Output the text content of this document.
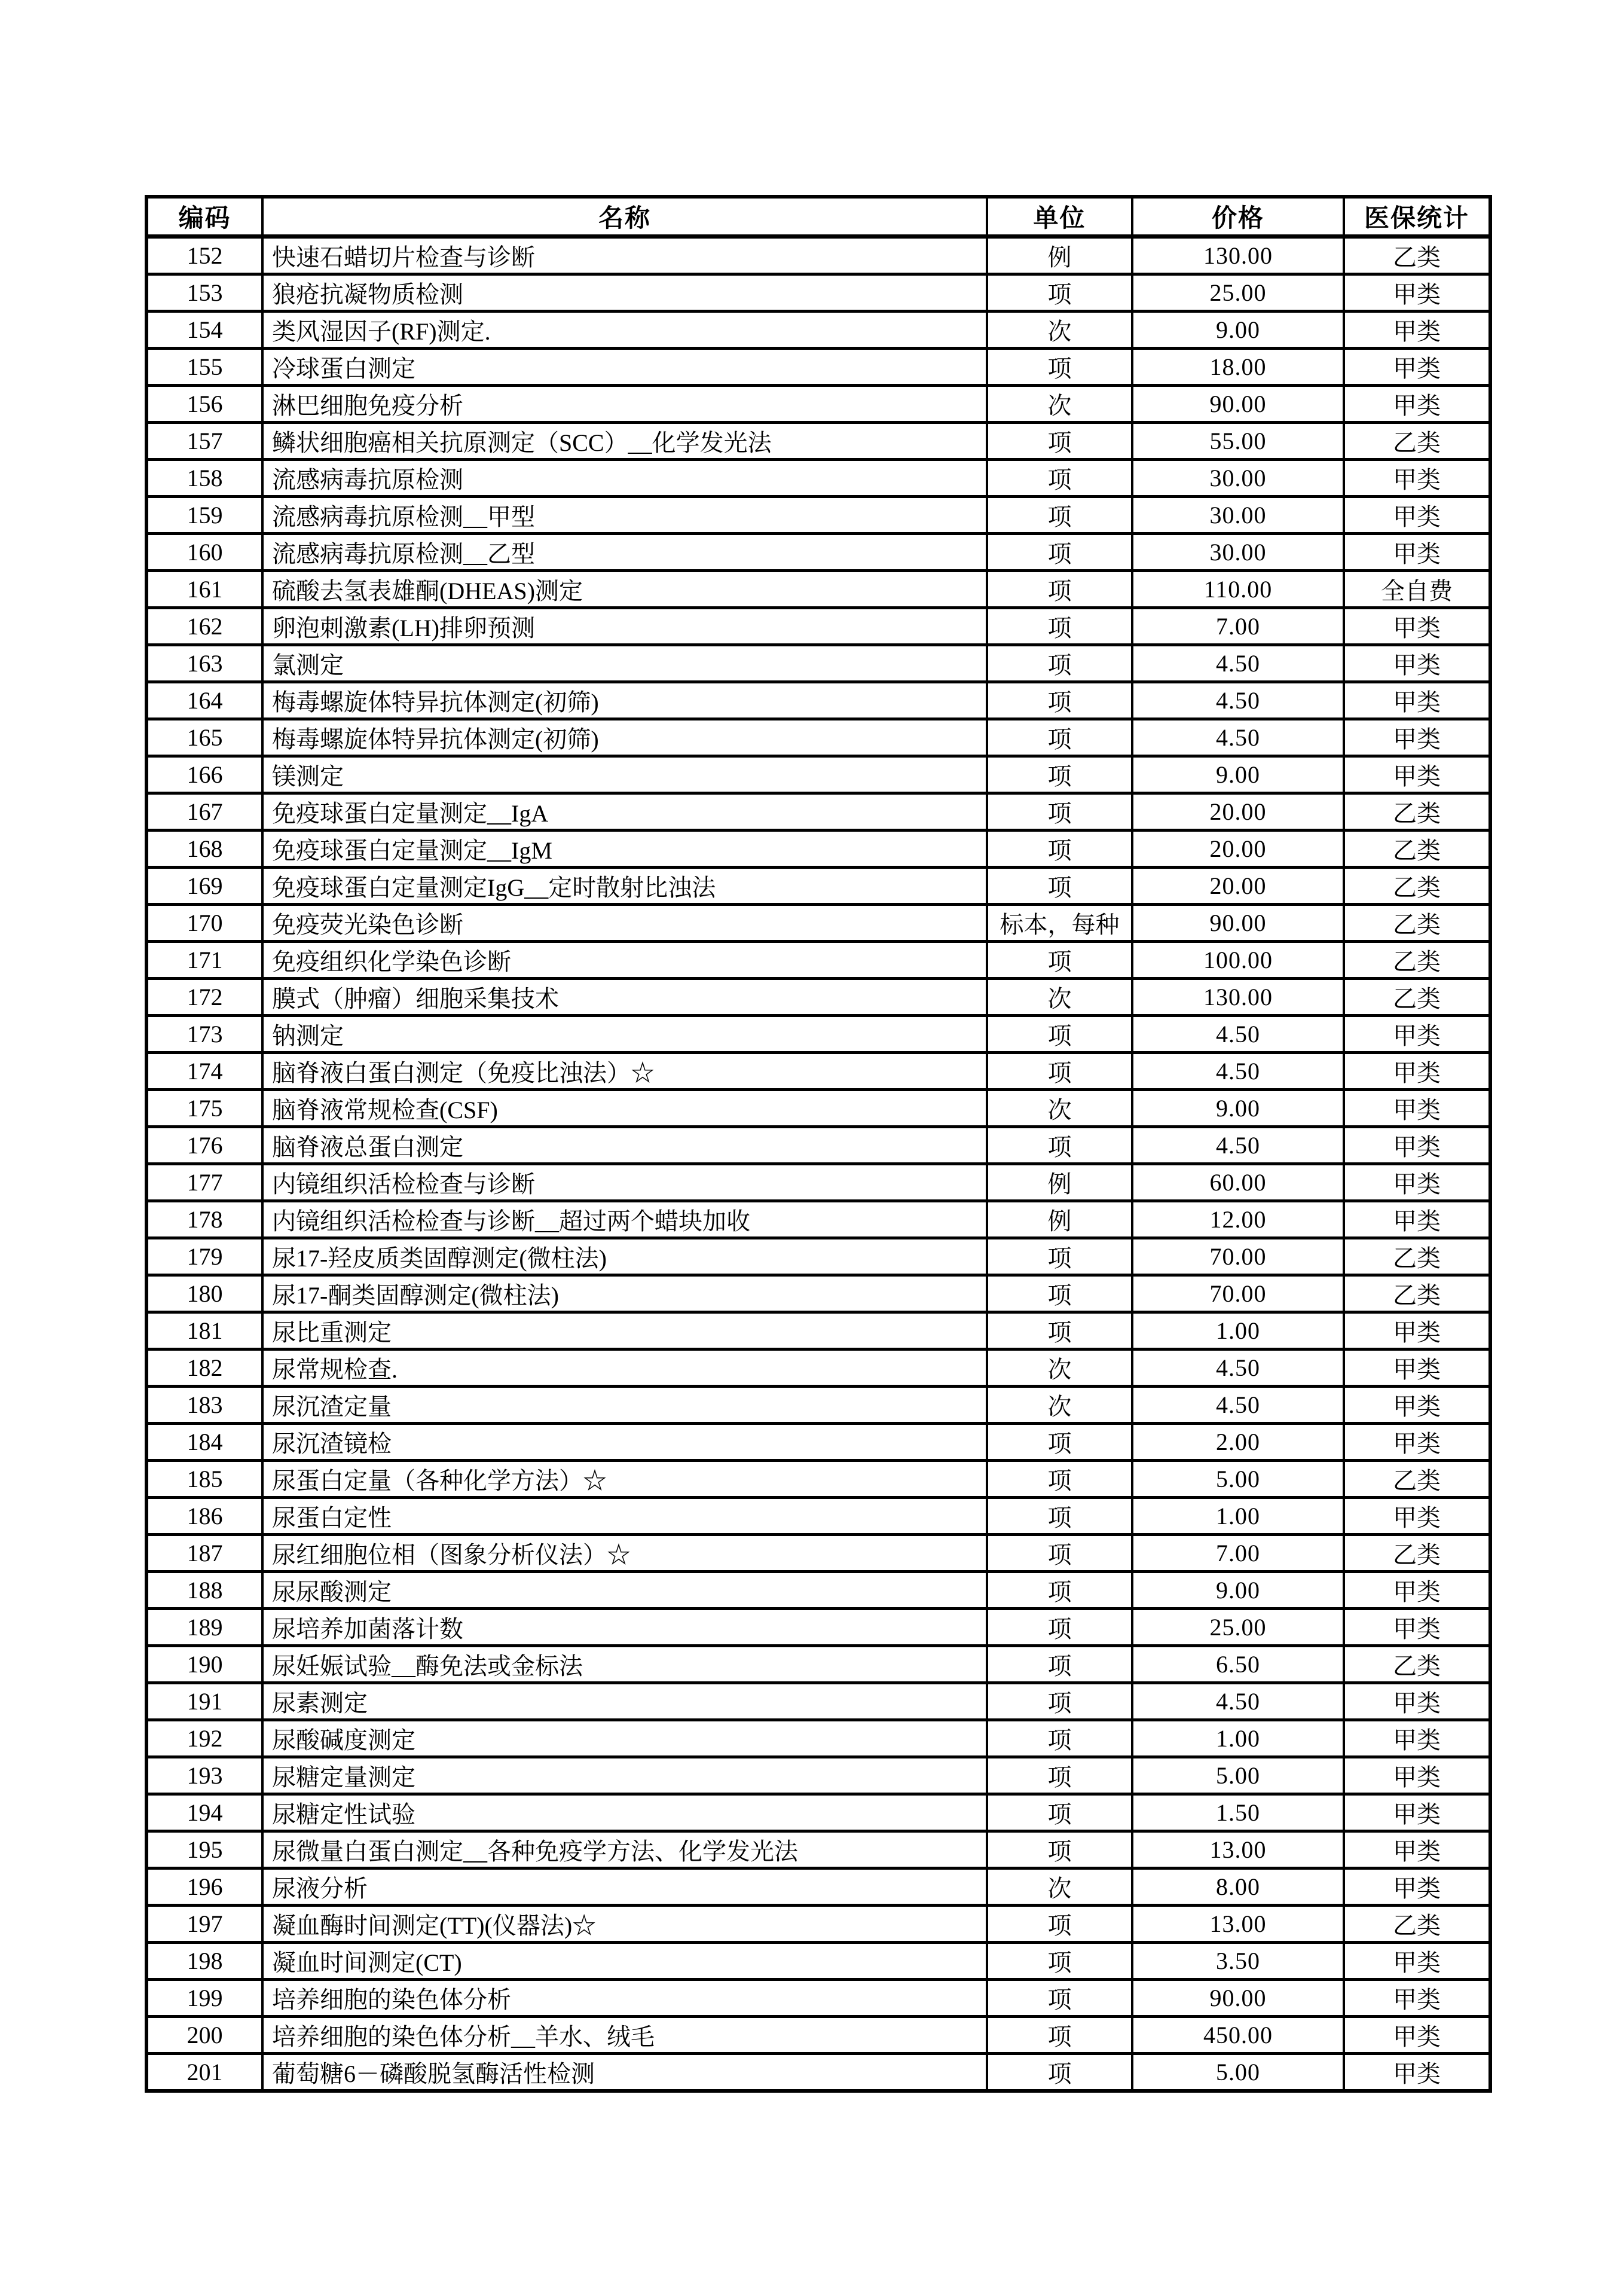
编码	名称	单位	价格	医保统计
152	快速石蜡切片检查与诊断	例	130.00	乙类
153	狼疮抗凝物质检测	项	25.00	甲类
154	类风湿因子(RF)测定.	次	9.00	甲类
155	冷球蛋白测定	项	18.00	甲类
156	淋巴细胞免疫分析	次	90.00	甲类
157	鳞状细胞癌相关抗原测定（SCC）__化学发光法	项	55.00	乙类
158	流感病毒抗原检测	项	30.00	甲类
159	流感病毒抗原检测__甲型	项	30.00	甲类
160	流感病毒抗原检测__乙型	项	30.00	甲类
161	硫酸去氢表雄酮(DHEAS)测定	项	110.00	全自费
162	卵泡刺激素(LH)排卵预测	项	7.00	甲类
163	氯测定	项	4.50	甲类
164	梅毒螺旋体特异抗体测定(初筛)	项	4.50	甲类
165	梅毒螺旋体特异抗体测定(初筛)	项	4.50	甲类
166	镁测定	项	9.00	甲类
167	免疫球蛋白定量测定__IgA	项	20.00	乙类
168	免疫球蛋白定量测定__IgM	项	20.00	乙类
169	免疫球蛋白定量测定IgG__定时散射比浊法	项	20.00	乙类
170	免疫荧光染色诊断	标本，每种	90.00	乙类
171	免疫组织化学染色诊断	项	100.00	乙类
172	膜式（肿瘤）细胞采集技术	次	130.00	乙类
173	钠测定	项	4.50	甲类
174	脑脊液白蛋白测定（免疫比浊法）☆	项	4.50	甲类
175	脑脊液常规检查(CSF)	次	9.00	甲类
176	脑脊液总蛋白测定	项	4.50	甲类
177	内镜组织活检检查与诊断	例	60.00	甲类
178	内镜组织活检检查与诊断__超过两个蜡块加收	例	12.00	甲类
179	尿17-羟皮质类固醇测定(微柱法)	项	70.00	乙类
180	尿17-酮类固醇测定(微柱法)	项	70.00	乙类
181	尿比重测定	项	1.00	甲类
182	尿常规检查.	次	4.50	甲类
183	尿沉渣定量	次	4.50	甲类
184	尿沉渣镜检	项	2.00	甲类
185	尿蛋白定量（各种化学方法）☆	项	5.00	乙类
186	尿蛋白定性	项	1.00	甲类
187	尿红细胞位相（图象分析仪法）☆	项	7.00	乙类
188	尿尿酸测定	项	9.00	甲类
189	尿培养加菌落计数	项	25.00	甲类
190	尿妊娠试验__酶免法或金标法	项	6.50	乙类
191	尿素测定	项	4.50	甲类
192	尿酸碱度测定	项	1.00	甲类
193	尿糖定量测定	项	5.00	甲类
194	尿糖定性试验	项	1.50	甲类
195	尿微量白蛋白测定__各种免疫学方法、化学发光法	项	13.00	甲类
196	尿液分析	次	8.00	甲类
197	凝血酶时间测定(TT)(仪器法)☆	项	13.00	乙类
198	凝血时间测定(CT)	项	3.50	甲类
199	培养细胞的染色体分析	项	90.00	甲类
200	培养细胞的染色体分析__羊水、绒毛	项	450.00	甲类
201	葡萄糖6－磷酸脱氢酶活性检测	项	5.00	甲类
